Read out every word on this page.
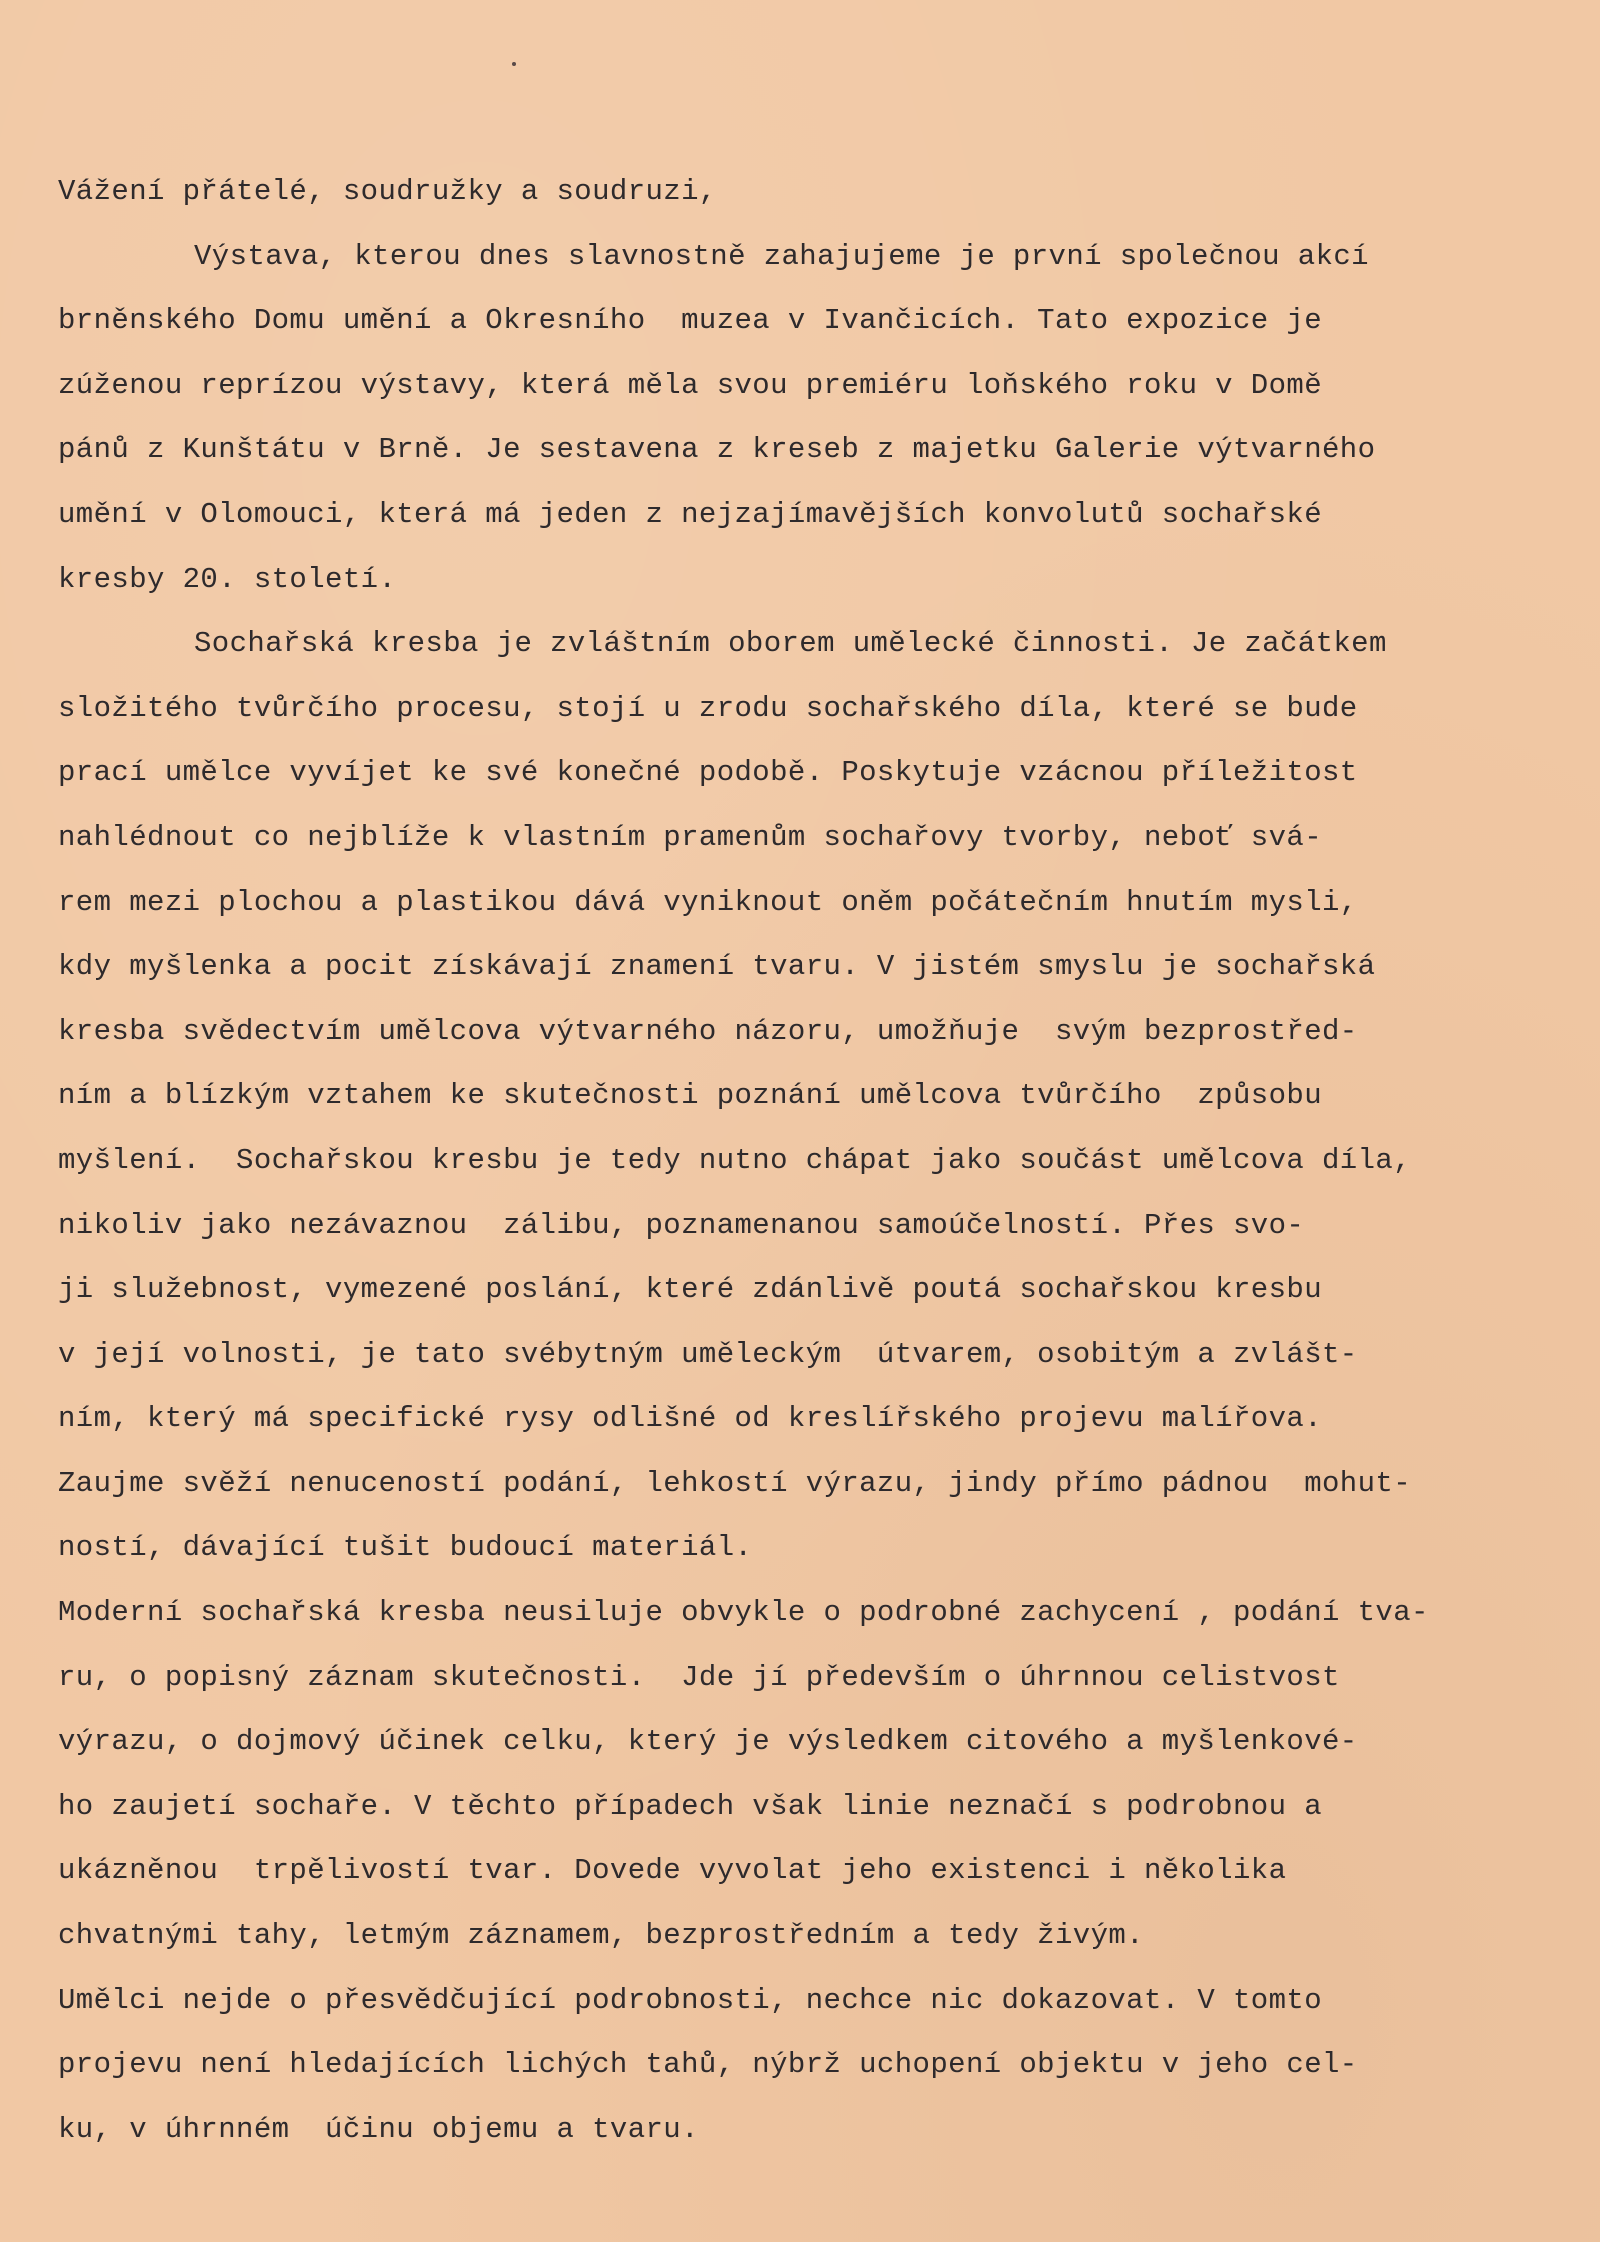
Vážení přátelé, soudružky a soudruzi,
Výstava, kterou dnes slavnostně zahajujeme je první společnou akcí
brněnského Domu umění a Okresního  muzea v Ivančicích. Tato expozice je
zúženou reprízou výstavy, která měla svou premiéru loňského roku v Domě
pánů z Kunštátu v Brně. Je sestavena z kreseb z majetku Galerie výtvarného
umění v Olomouci, která má jeden z nejzajímavějších konvolutů sochařské
kresby 20. století.
Sochařská kresba je zvláštním oborem umělecké činnosti. Je začátkem
složitého tvůrčího procesu, stojí u zrodu sochařského díla, které se bude
prací umělce vyvíjet ke své konečné podobě. Poskytuje vzácnou příležitost
nahlédnout co nejblíže k vlastním pramenům sochařovy tvorby, neboť svá-
rem mezi plochou a plastikou dává vyniknout oněm počátečním hnutím mysli,
kdy myšlenka a pocit získávají znamení tvaru. V jistém smyslu je sochařská
kresba svědectvím umělcova výtvarného názoru, umožňuje  svým bezprostřed-
ním a blízkým vztahem ke skutečnosti poznání umělcova tvůrčího  způsobu
myšlení.  Sochařskou kresbu je tedy nutno chápat jako součást umělcova díla,
nikoliv jako nezávaznou  zálibu, poznamenanou samoúčelností. Přes svo-
ji služebnost, vymezené poslání, které zdánlivě poutá sochařskou kresbu
v její volnosti, je tato svébytným uměleckým  útvarem, osobitým a zvlášt-
ním, který má specifické rysy odlišné od kreslířského projevu malířova.
Zaujme svěží nenuceností podání, lehkostí výrazu, jindy přímo pádnou  mohut-
ností, dávající tušit budoucí materiál.
Moderní sochařská kresba neusiluje obvykle o podrobné zachycení , podání tva-
ru, o popisný záznam skutečnosti.  Jde jí především o úhrnnou celistvost
výrazu, o dojmový účinek celku, který je výsledkem citového a myšlenkové-
ho zaujetí sochaře. V těchto případech však linie neznačí s podrobnou a
ukázněnou  trpělivostí tvar. Dovede vyvolat jeho existenci i několika
chvatnými tahy, letmým záznamem, bezprostředním a tedy živým.
Umělci nejde o přesvědčující podrobnosti, nechce nic dokazovat. V tomto
projevu není hledajících lichých tahů, nýbrž uchopení objektu v jeho cel-
ku, v úhrnném  účinu objemu a tvaru.
